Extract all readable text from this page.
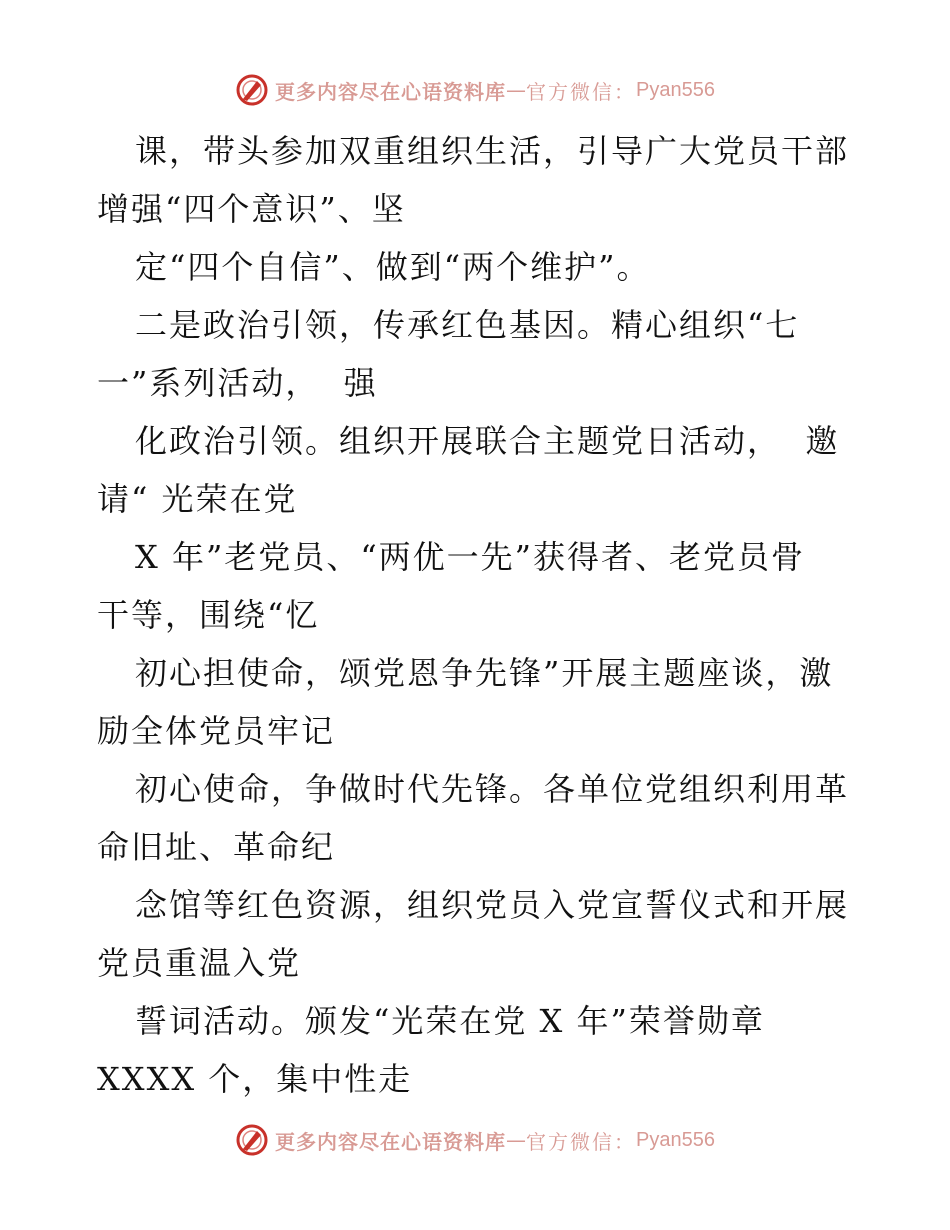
更多内容尽在心语资料库 — 官方微信： Pyan556
课，带头参加双重组织生活，引导广大党员干部
增强“四个意识”、坚
定“四个自信”、做到“两个维护”。
二是政治引领，传承红色基因。精心组织“七
一”系列活动，  强
化政治引领。组织开展联合主题党日活动，  邀
请“ 光荣在党
X 年”老党员、“两优一先”获得者、老党员骨
干等，围绕“忆
初心担使命，颂党恩争先锋”开展主题座谈，激
励全体党员牢记
初心使命，争做时代先锋。各单位党组织利用革
命旧址、革命纪
念馆等红色资源，组织党员入党宣誓仪式和开展
党员重温入党
誓词活动。颁发“光荣在党 X 年”荣誉勋章
XXXX 个，集中性走
更多内容尽在心语资料库 — 官方微信： Pyan556
